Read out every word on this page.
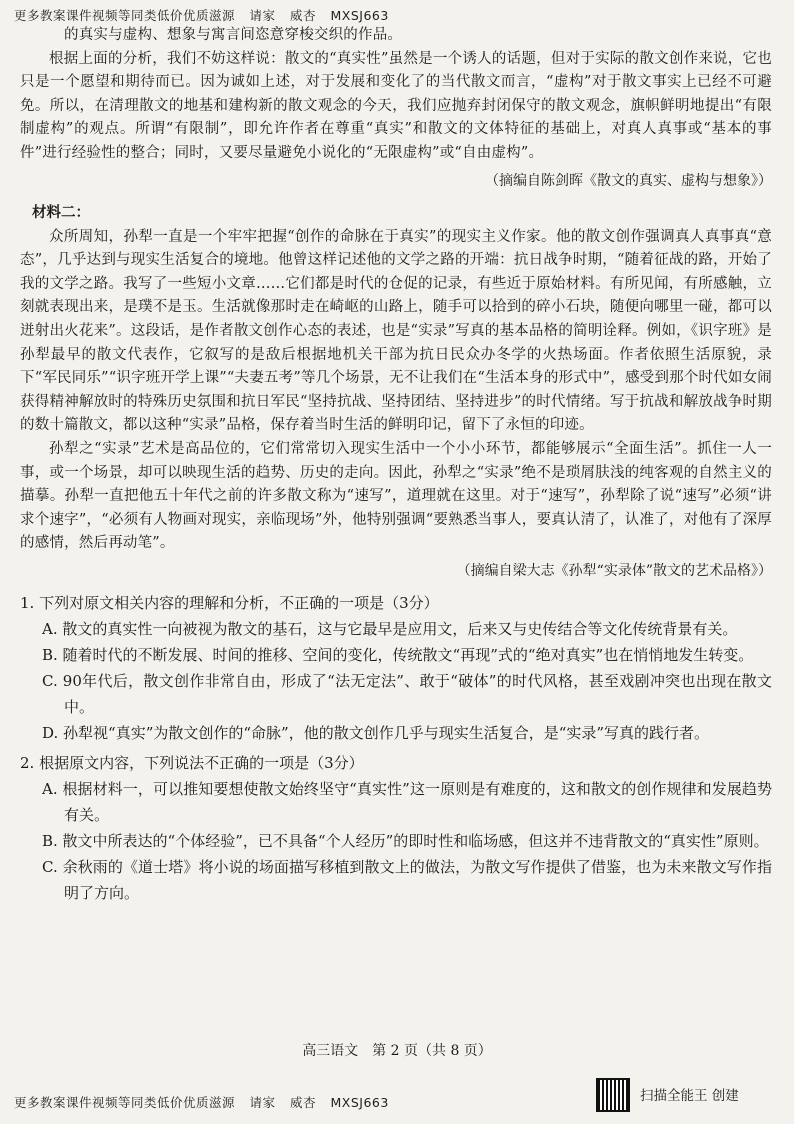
更多教案课件视频等同类低价优质滋源 请家 威杏 MXSJ663

的真实与虚构、想象与寓言间恣意穿梭交织的作品。

根据上面的分析，我们不妨这样说：散文的“真实性”虽然是一个诱人的话题，但对于实际的散文创作来说，它也只是一个愿望和期待而已。因为诚如上述，对于发展和变化了的当代散文而言，“虚构”对于散文事实上已经不可避免。所以，在清理散文的地基和建构新的散文观念的今天，我们应抛弃封闭保守的散文观念，旗帜鲜明地提出“有限制虚构”的观点。所谓“有限制”，即允许作者在尊重“真实”和散文的文体特征的基础上，对真人真事或“基本的事件”进行经验性的整合；同时，又要尽量避免小说化的“无限虚构”或“自由虚构”。

（摘编自陈剑晖《散文的真实、虚构与想象》）
材料二：

众所周知，孙犁一直是一个牢牢把握“创作的命脉在于真实”的现实主义作家。他的散文创作强调真人真事真“意态”，几乎达到与现实生活复合的境地。他曾这样记述他的文学之路的开端：抗日战争时期，“随着征战的路，开始了我的文学之路。我写了一些短小文章……它们都是时代的仓促的记录，有些近于原始材料。有所见闻，有所感触，立刻就表现出来，是璞不是玉。生活就像那时走在崎岖的山路上，随手可以拾到的碎小石块，随便向哪里一碰，都可以迸射出火花来”。这段话，是作者散文创作心态的表述，也是“实录”写真的基本品格的简明诠释。例如，《识字班》是孙犁最早的散文代表作，它叙写的是敌后根据地机关干部为抗日民众办冬学的火热场面。作者依照生活原貌，录下“军民同乐”“识字班开学上课”“夫妻五考”等几个场景，无不让我们在“生活本身的形式中”，感受到那个时代如女闹获得精神解放时的特殊历史氛围和抗日军民“坚持抗战、坚持团结、坚持进步”的时代情绪。写于抗战和解放战争时期的数十篇散文，都以这种“实录”品格，保存着当时生活的鲜明印记，留下了永恒的印迹。

孙犁之“实录”艺术是高品位的，它们常常切入现实生活中一个小小环节，都能够展示“全面生活”。抓住一人一事，或一个场景，却可以映现生活的趋势、历史的走向。因此，孙犁之“实录”绝不是琐屑肤浅的纯客观的自然主义的描摹。孙犁一直把他五十年代之前的许多散文称为“速写”，道理就在这里。对于“速写”，孙犁除了说“速写”必须“讲求个速字”，“必须有人物画对现实，亲临现场”外，他特别强调“要熟悉当事人，要真认清了，认准了，对他有了深厚的感情，然后再动笔”。

（摘编自梁大志《孙犁“实录体”散文的艺术品格》）
1. 下列对原文相关内容的理解和分析，不正确的一项是（3分）
A. 散文的真实性一向被视为散文的基石，这与它最早是应用文，后来又与史传结合等文化传统背景有关。
B. 随着时代的不断发展、时间的推移、空间的变化，传统散文“再现”式的“绝对真实”也在悄悄地发生转变。
C. 90年代后，散文创作非常自由，形成了“法无定法”、敢于“破体”的时代风格，甚至戏剧冲突也出现在散文中。
D. 孙犁视“真实”为散文创作的“命脉”，他的散文创作几乎与现实生活复合，是“实录”写真的践行者。
2. 根据原文内容，下列说法不正确的一项是（3分）
A. 根据材料一，可以推知要想使散文始终坚守“真实性”这一原则是有难度的，这和散文的创作规律和发展趋势有关。
B. 散文中所表达的“个体经验”，已不具备“个人经历”的即时性和临场感，但这并不违背散文的“真实性”原则。
C. 余秋雨的《道士塔》将小说的场面描写移植到散文上的做法，为散文写作提供了借鉴，也为未来散文写作指明了方向。
高三语文　第 2 页（共 8 页）
更多教案课件视频等同类低价优质滋源 请家 威杏 MXSJ663	扫描全能王 创建
